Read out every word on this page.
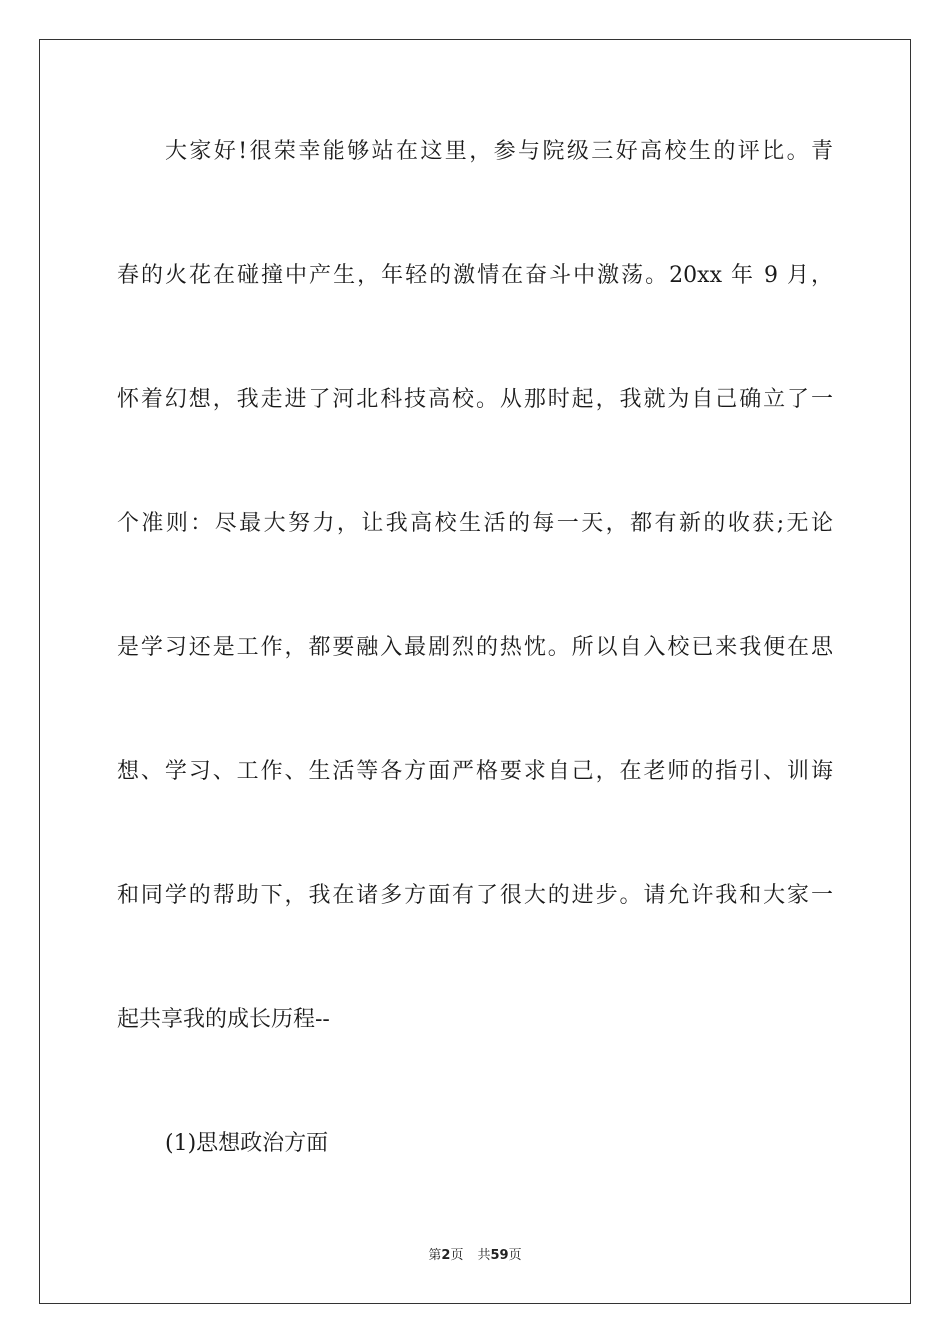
大家好!很荣幸能够站在这里，参与院级三好高校生的评比。青
春的火花在碰撞中产生，年轻的激情在奋斗中激荡。20xx 年 9 月，
怀着幻想，我走进了河北科技高校。从那时起，我就为自己确立了一
个准则：尽最大努力，让我高校生活的每一天，都有新的收获;无论
是学习还是工作，都要融入最剧烈的热忱。所以自入校已来我便在思
想、学习、工作、生活等各方面严格要求自己，在老师的指引、训诲
和同学的帮助下，我在诸多方面有了很大的进步。请允许我和大家一
起共享我的成长历程--
(1)思想政治方面
第2页 共59页
